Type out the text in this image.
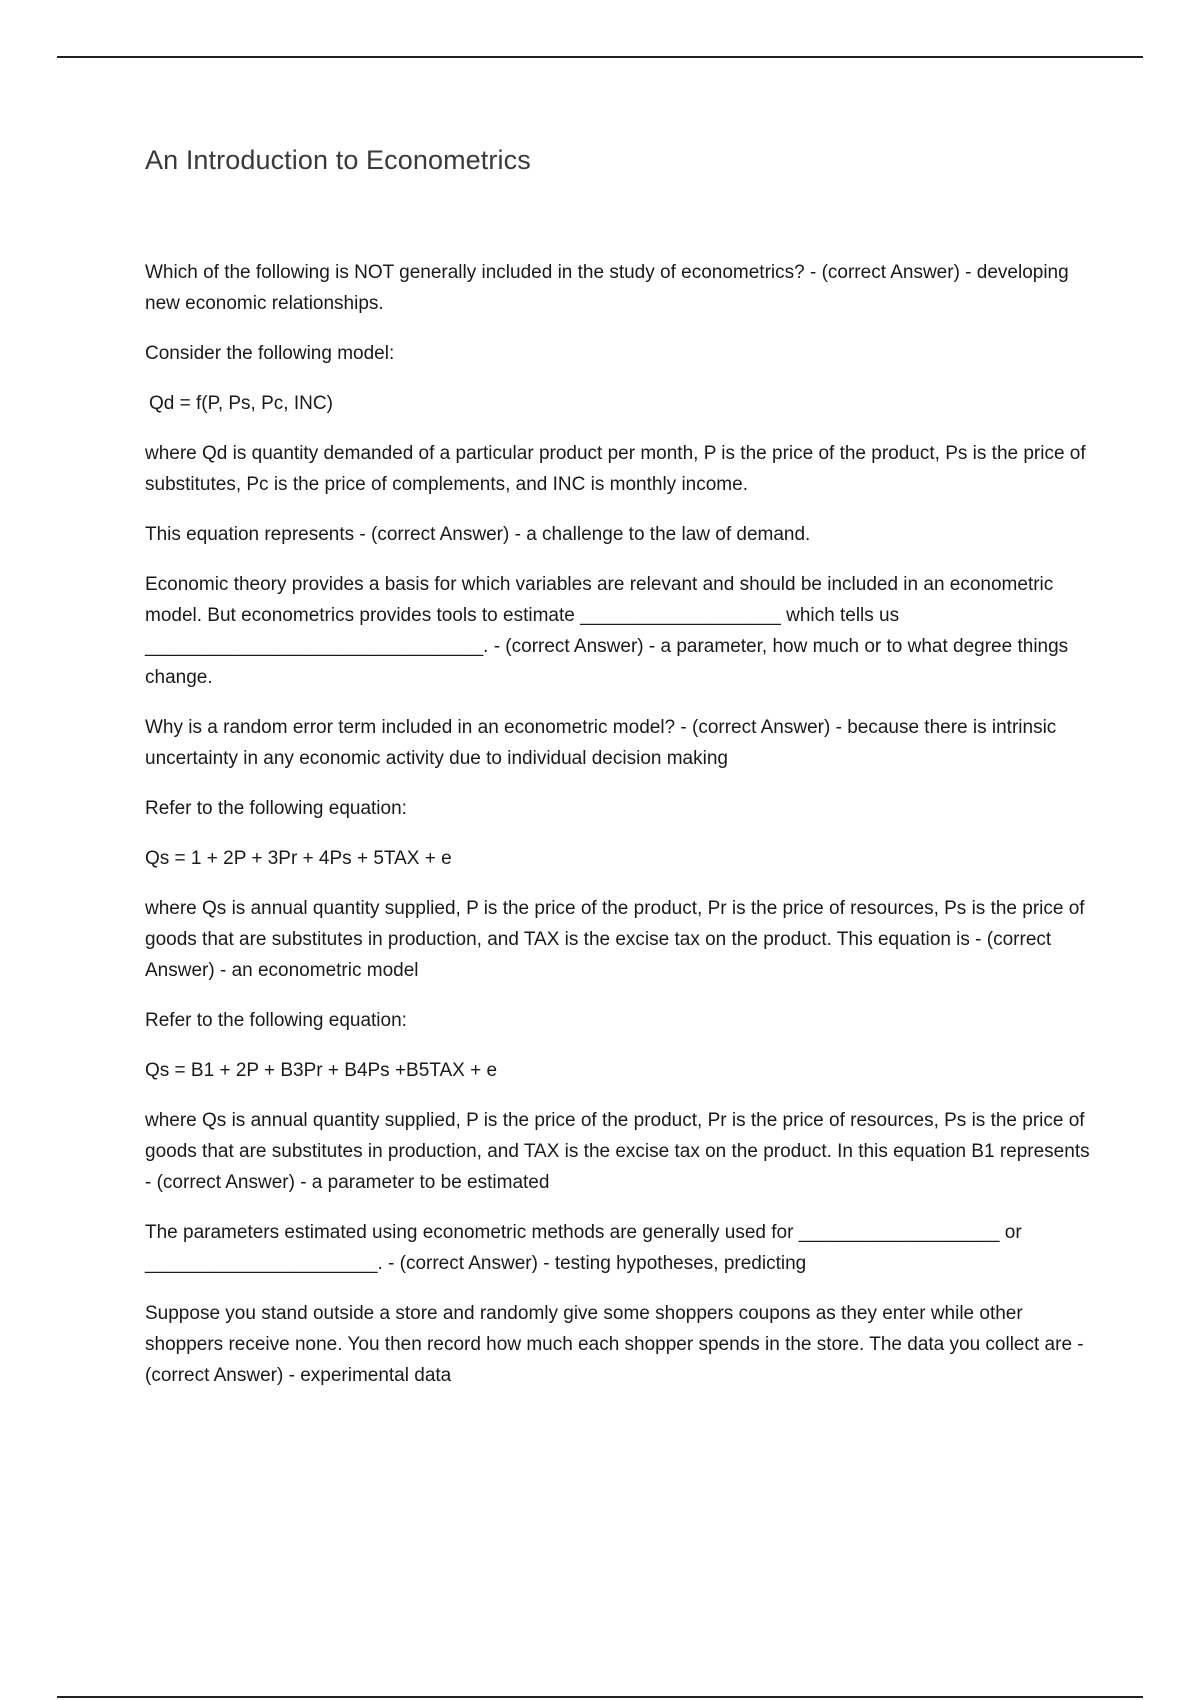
An Introduction to Econometrics

Which of the following is NOT generally included in the study of econometrics? - (correct Answer) - developing new economic relationships.

Consider the following model:

Qd = f(P, Ps, Pc, INC)

where Qd is quantity demanded of a particular product per month, P is the price of the product, Ps is the price of substitutes, Pc is the price of complements, and INC is monthly income.

This equation represents - (correct Answer) - a challenge to the law of demand.

Economic theory provides a basis for which variables are relevant and should be included in an econometric model. But econometrics provides tools to estimate ___________________ which tells us ________________________________. - (correct Answer) - a parameter, how much or to what degree things change.

Why is a random error term included in an econometric model? - (correct Answer) - because there is intrinsic uncertainty in any economic activity due to individual decision making

Refer to the following equation:

Qs = 1 + 2P + 3Pr + 4Ps + 5TAX + e

where Qs is annual quantity supplied, P is the price of the product, Pr is the price of resources, Ps is the price of goods that are substitutes in production, and TAX is the excise tax on the product. This equation is - (correct Answer) - an econometric model

Refer to the following equation:

Qs = B1 + 2P + B3Pr + B4Ps +B5TAX + e

where Qs is annual quantity supplied, P is the price of the product, Pr is the price of resources, Ps is the price of goods that are substitutes in production, and TAX is the excise tax on the product. In this equation B1 represents - (correct Answer) - a parameter to be estimated

The parameters estimated using econometric methods are generally used for ___________________ or ______________________. - (correct Answer) - testing hypotheses, predicting

Suppose you stand outside a store and randomly give some shoppers coupons as they enter while other shoppers receive none. You then record how much each shopper spends in the store. The data you collect are - (correct Answer) - experimental data
